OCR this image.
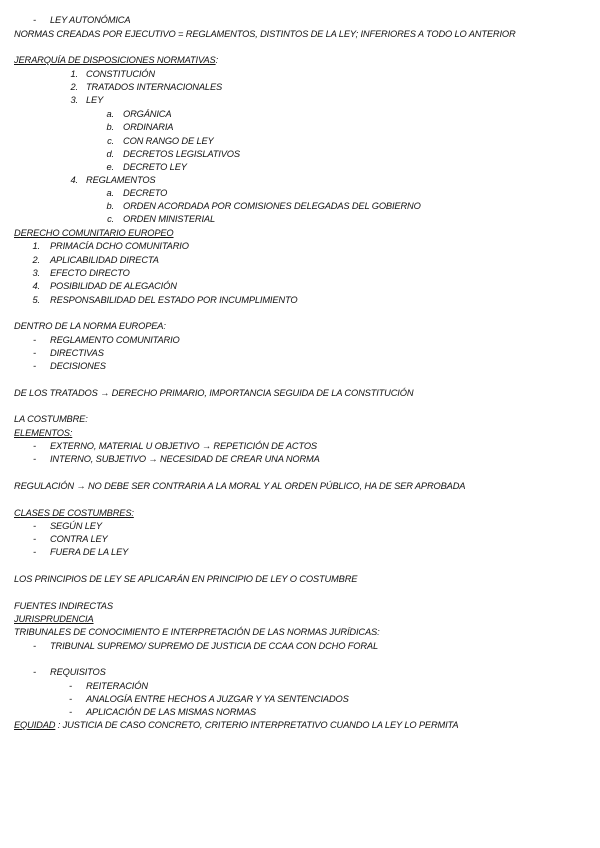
- LEY AUTONÓMICA
NORMAS CREADAS POR EJECUTIVO = REGLAMENTOS, DISTINTOS DE LA LEY; INFERIORES A TODO LO ANTERIOR
JERARQUÍA DE DISPOSICIONES NORMATIVAS:
1. CONSTITUCIÓN
2. TRATADOS INTERNACIONALES
3. LEY
a. ORGÁNICA
b. ORDINARIA
c. CON RANGO DE LEY
d. DECRETOS LEGISLATIVOS
e. DECRETO LEY
4. REGLAMENTOS
a. DECRETO
b. ORDEN ACORDADA POR COMISIONES DELEGADAS DEL GOBIERNO
c. ORDEN MINISTERIAL
DERECHO COMUNITARIO EUROPEO
1. PRIMACÍA DCHO COMUNITARIO
2. APLICABILIDAD DIRECTA
3. EFECTO DIRECTO
4. POSIBILIDAD DE ALEGACIÓN
5. RESPONSABILIDAD DEL ESTADO POR INCUMPLIMIENTO
DENTRO DE LA NORMA EUROPEA:
- REGLAMENTO COMUNITARIO
- DIRECTIVAS
- DECISIONES
DE LOS TRATADOS → DERECHO PRIMARIO, IMPORTANCIA SEGUIDA DE LA CONSTITUCIÓN
LA COSTUMBRE:
ELEMENTOS:
- EXTERNO, MATERIAL U OBJETIVO → REPETICIÓN DE ACTOS
- INTERNO, SUBJETIVO → NECESIDAD DE CREAR UNA NORMA
REGULACIÓN → NO DEBE SER CONTRARIA A LA MORAL Y AL ORDEN PÚBLICO, HA DE SER APROBADA
CLASES DE COSTUMBRES:
- SEGÚN LEY
- CONTRA LEY
- FUERA DE LA LEY
LOS PRINCIPIOS DE LEY SE APLICARÁN EN PRINCIPIO DE LEY O COSTUMBRE
FUENTES INDIRECTAS
JURISPRUDENCIA
TRIBUNALES DE CONOCIMIENTO E INTERPRETACIÓN DE LAS NORMAS JURÍDICAS:
- TRIBUNAL SUPREMO/ SUPREMO DE JUSTICIA DE CCAA CON DCHO FORAL
- REQUISITOS
- REITERACIÓN
- ANALOGÍA ENTRE HECHOS A JUZGAR Y YA SENTENCIADOS
- APLICACIÓN DE LAS MISMAS NORMAS
EQUIDAD : JUSTICIA DE CASO CONCRETO, CRITERIO INTERPRETATIVO CUANDO LA LEY LO PERMITA
